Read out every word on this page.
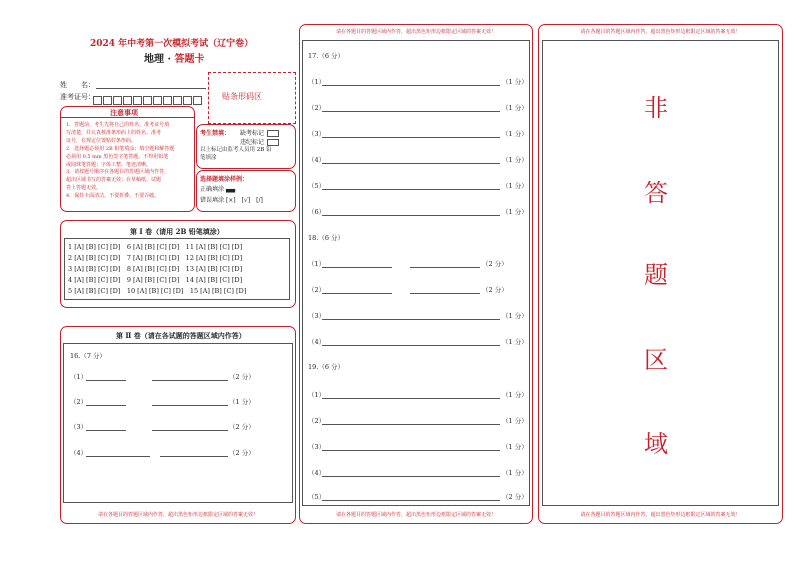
2024 年中考第一次模拟考试（辽宁卷）
地理 · 答题卡
姓　　名：
准考证号：	贴条形码区
注意事项
1．答题前，考生先将自己的姓名，准考证号填
写清楚，并认真核准条形码上的姓名、准考
证号，在规定位置贴好条形码。
2．选择题必须用 2B 铅笔填涂；填空题和解答题
必须用 0.5 mm 黑色签字笔答题，不得用铅笔
或圆珠笔答题；字体工整、笔迹清晰。
3．请按题号顺序在各题目的答题区域内作答，
超出区域书写的答案无效；在草稿纸、试题
卷上答题无效。
4．保持卡面清洁，不要折叠、不要弄破。
考生禁填： 缺考标记
违纪标记
以上标记由监考人员用 2B 铅
笔填涂
选择题填涂样例：
正确填涂 ▄▄
错误填涂 [×]　[√]　[/]
第 Ⅰ 卷（请用 2B 铅笔填涂）
1 [A] [B] [C] [D]　6 [A] [B] [C] [D]　11 [A] [B] [C] [D]
2 [A] [B] [C] [D]　7 [A] [B] [C] [D]　12 [A] [B] [C] [D]
3 [A] [B] [C] [D]　8 [A] [B] [C] [D]　13 [A] [B] [C] [D]
4 [A] [B] [C] [D]　9 [A] [B] [C] [D]　14 [A] [B] [C] [D]
5 [A] [B] [C] [D]　10 [A] [B] [C] [D]　15 [A] [B] [C] [D]
第 Ⅱ 卷（请在各试题的答题区域内作答）
16.（7 分）
（1）	（2 分）
（2）	（1 分）
（3）	（2 分）
（4）	（2 分）
请在各题目的答题区域内作答，超出黑色矩形边框限定区域的答案无效！
请在各题目的答题区域内作答，超出黑色矩形边框限定区域的答案无效！
17.（6 分）
18.（6 分）
19.（6 分）
（1）	（1 分）
（2）	（1 分）
（3）	（1 分）
（4）	（1 分）
（5）	（1 分）
（6）	（1 分）
（1）	（2 分）
（2）	（2 分）
（3）	（1 分）
（4）	（1 分）
（1）	（1 分）
（2）	（1 分）
（3）	（1 分）
（4）	（1 分）
（5）	（2 分）
请在各题目的答题区域内作答，超出黑色矩形边框限定区域的答案无效！
请在各题目的答题区域内作答，超出黑色矩形边框限定区域的答案无效！
非
答
题
区
域
请在各题目的答题区域内作答，超出黑色矩形边框限定区域的答案无效！
